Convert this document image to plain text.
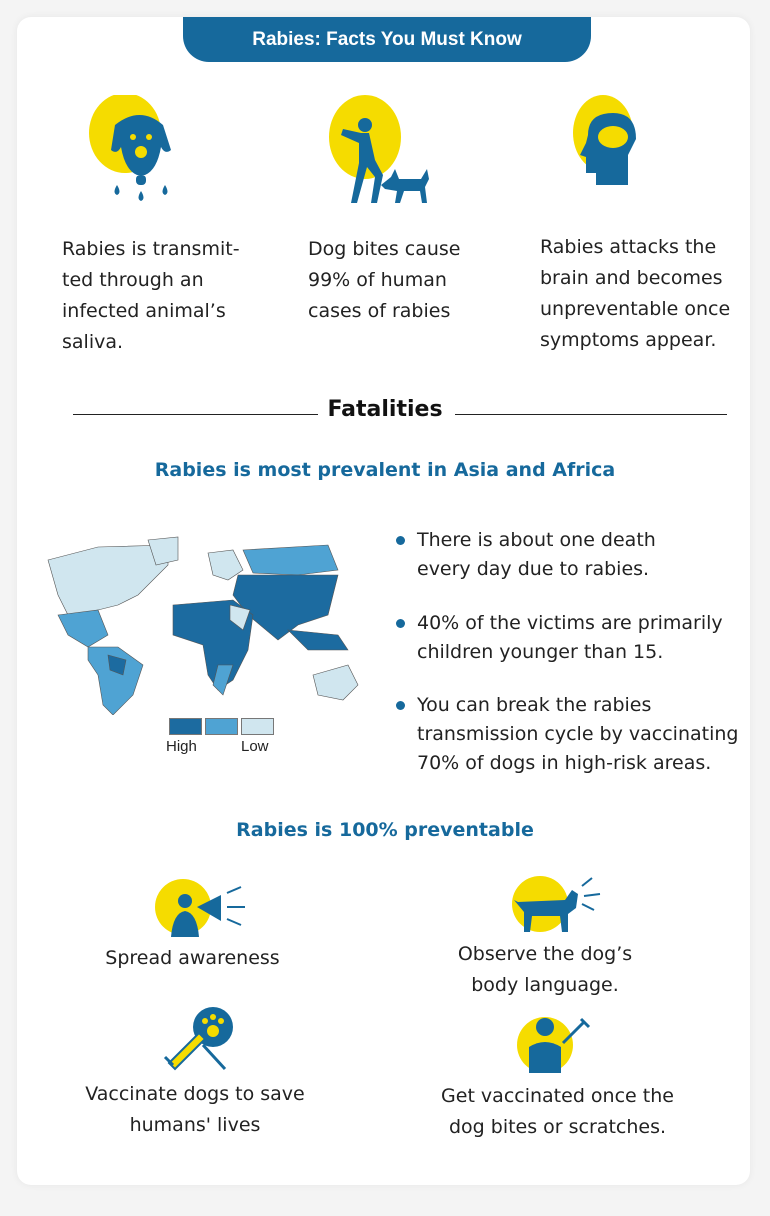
Rabies: Facts You Must Know
Rabies is transmit-ted through an infected animal’s saliva.
Dog bites cause 99% of human cases of rabies
Rabies attacks the brain and becomes unpreventable once symptoms appear.
Fatalities
Rabies is most prevalent in Asia and Africa
High	Low
There is about one death every day due to rabies.
40% of the victims are primarily children younger than 15.
You can break the rabies transmission cycle by vaccinating 70% of dogs in high-risk areas.
Rabies is 100% preventable
Spread awareness	Observe the dog’s body language.
Vaccinate dogs to save humans' lives
Get vaccinated once the dog bites or scratches.
